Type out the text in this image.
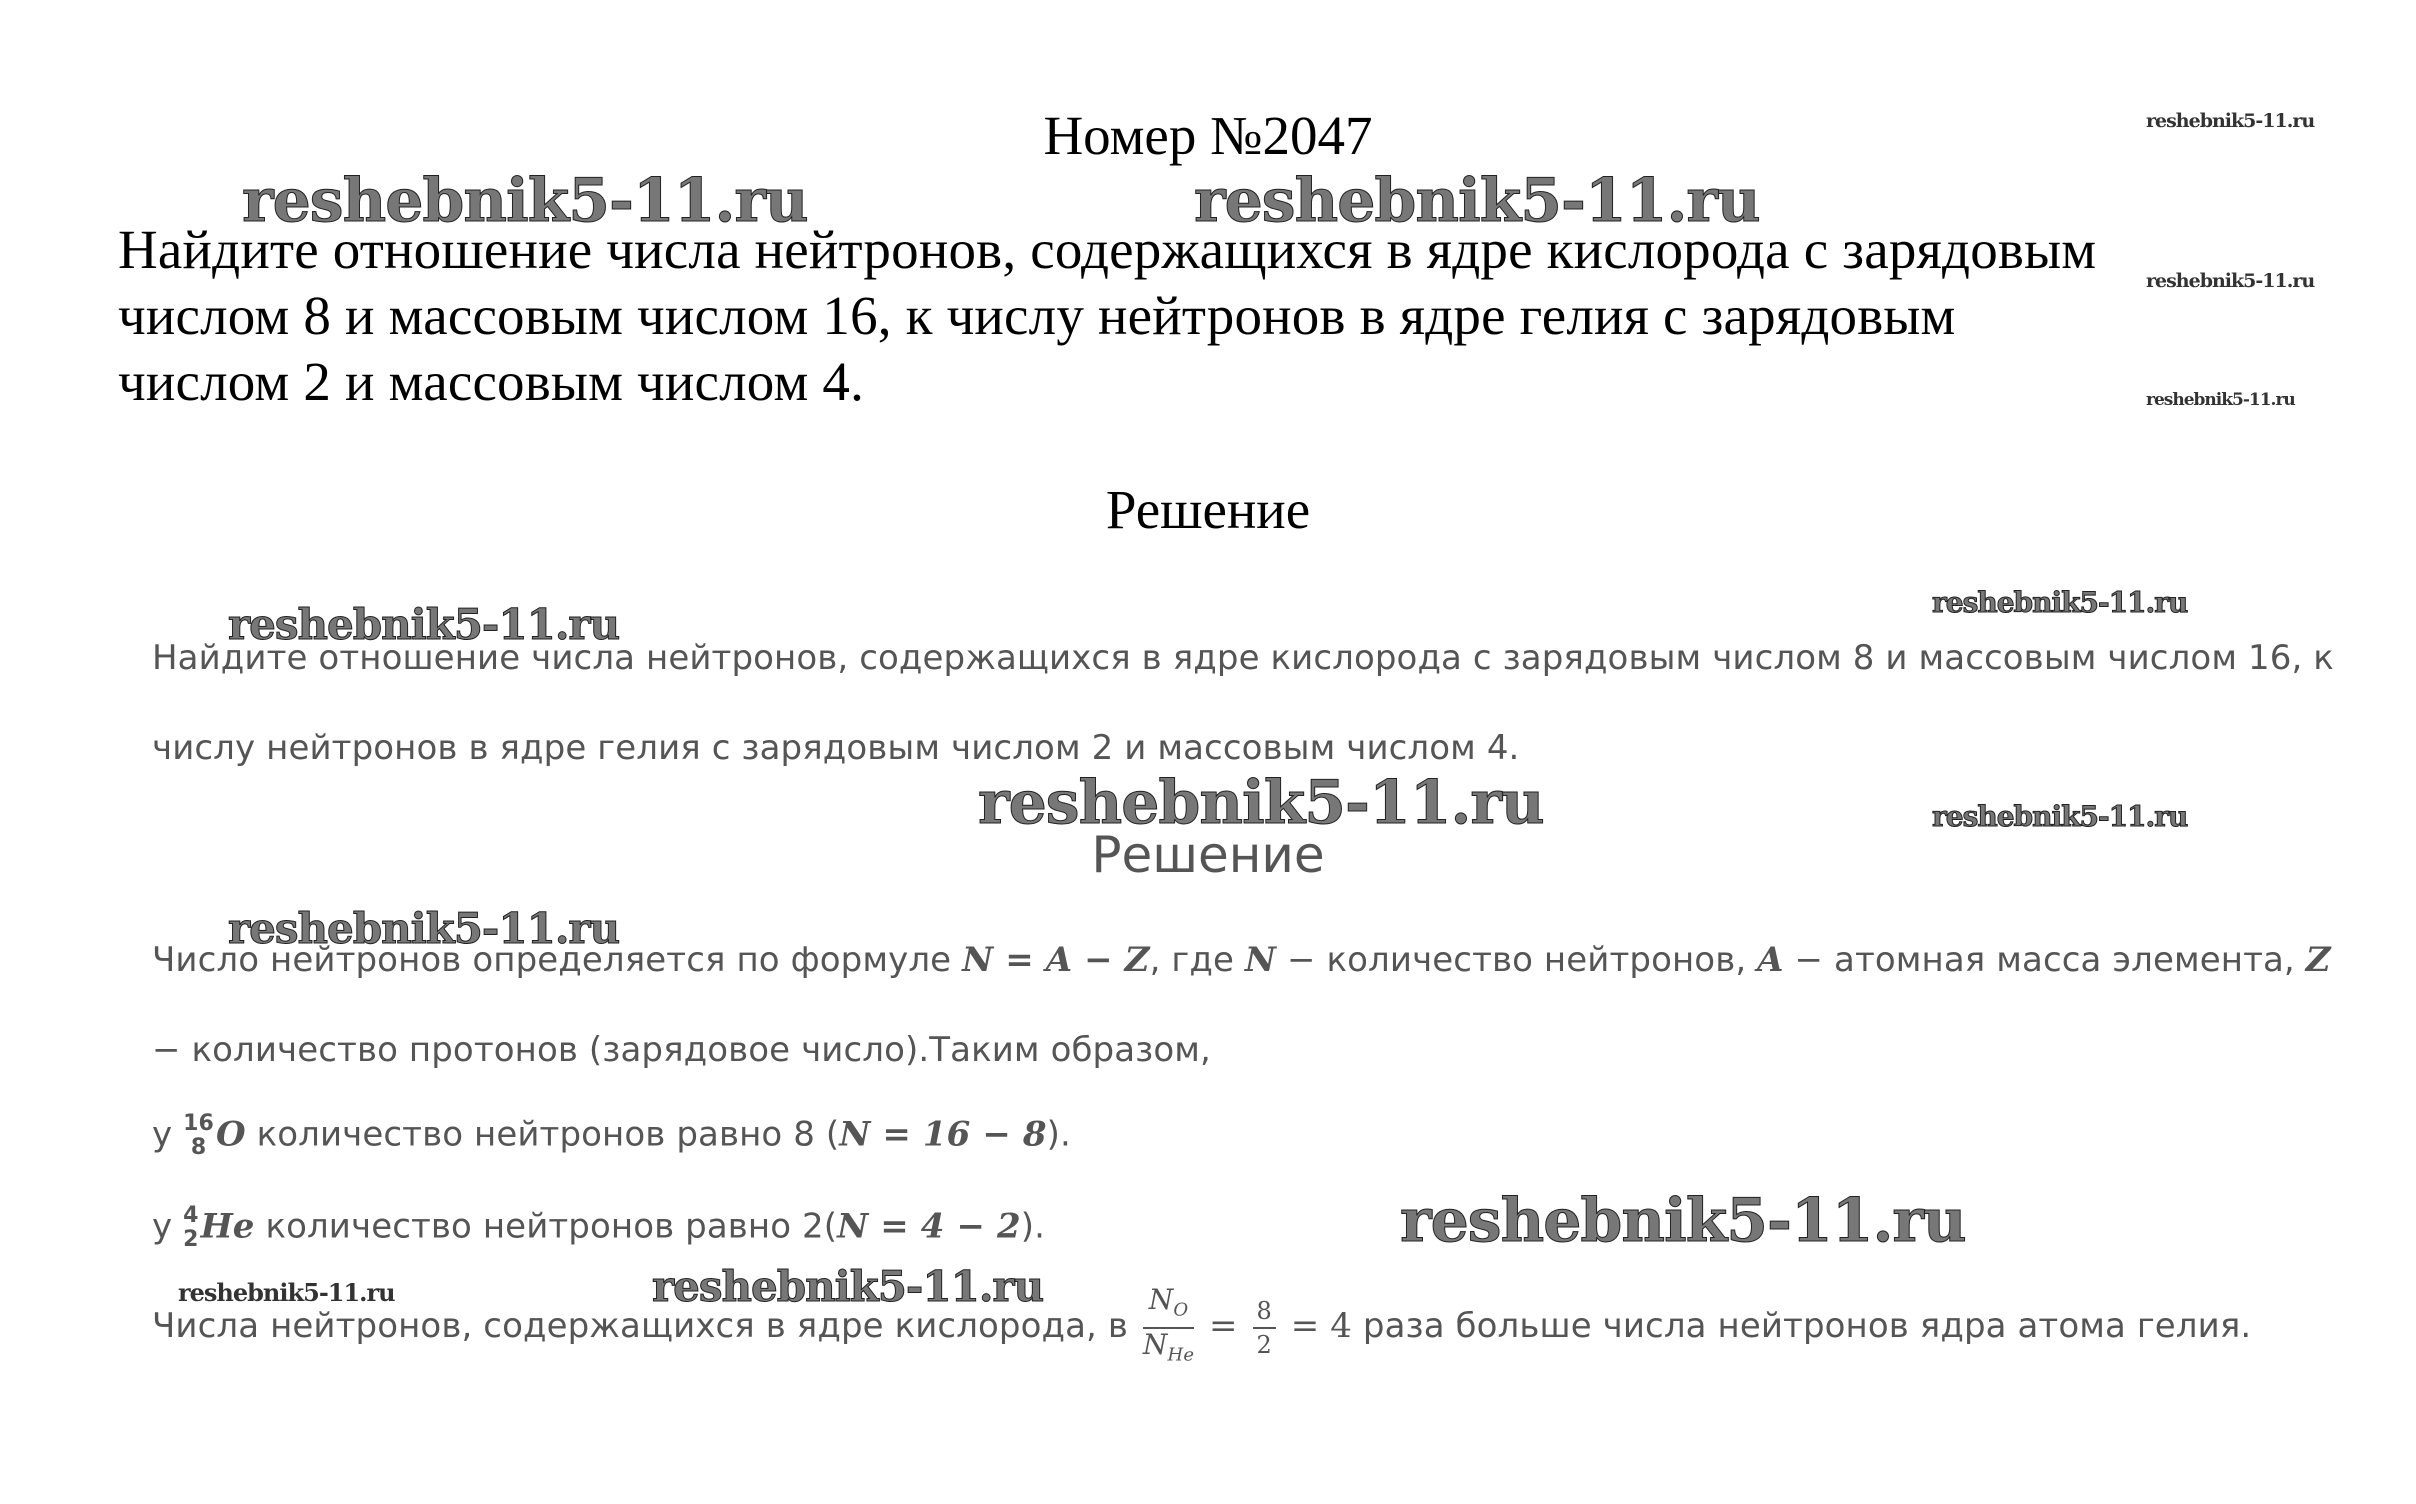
Номер №2047
Найдите отношение числа нейтронов, содержащихся в ядре кислорода с зарядовым
числом 8 и массовым числом 16, к числу нейтронов в ядре гелия с зарядовым
числом 2 и массовым числом 4.
Решение
Найдите отношение числа нейтронов, содержащихся в ядре кислорода с зарядовым числом 8 и массовым числом 16, к
числу нейтронов в ядре гелия с зарядовым числом 2 и массовым числом 4.
Решение
Число нейтронов определяется по формуле N = A − Z, где N − количество нейтронов, A − атомная масса элемента, Z
− количество протонов (зарядовое число).Таким образом,
у 16
8 O количество нейтронов равно 8 (N = 16 − 8).
у 4
2 He количество нейтронов равно 2(N = 4 − 2).
Числа нейтронов, содержащихся в ядре кислорода, в $\frac{N_O}{N_{He}} = \frac{8}{2} = 4$ раза больше числа нейтронов ядра атома гелия.
reshebnik5-11.ru	reshebnik5-11.ru
reshebnik5-11.ru
reshebnik5-11.ru
reshebnik5-11.ru
reshebnik5-11.ru	reshebnik5-11.ru
reshebnik5-11.ru	reshebnik5-11.ru
reshebnik5-11.ru
reshebnik5-11.ru
reshebnik5-11.ru	reshebnik5-11.ru
